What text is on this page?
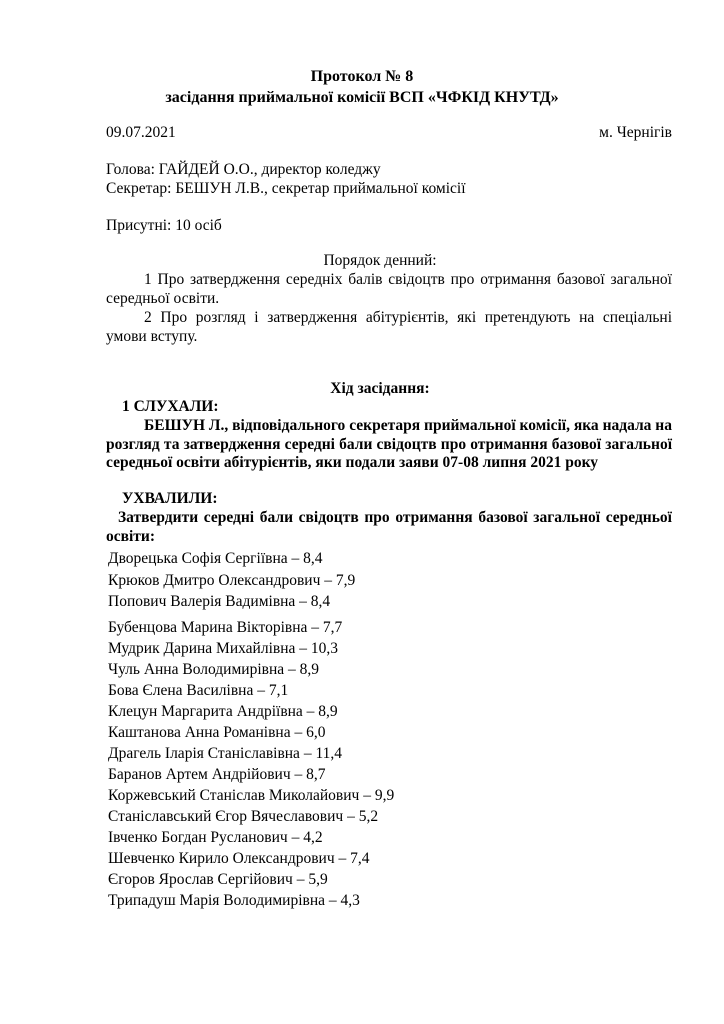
Протокол № 8
засідання приймальної комісії ВСП «ЧФКІД КНУТД»
09.07.2021	м. Чернігів
Голова: ГАЙДЕЙ О.О., директор коледжу
Секретар: БЕШУН Л.В., секретар приймальної комісії
Присутні: 10 осіб
Порядок денний:
1 Про затвердження середніх балів свідоцтв про отримання базової загальної середньої освіти.
2 Про розгляд і затвердження абітурієнтів, які претендують на спеціальні умови вступу.
Хід засідання:
1 СЛУХАЛИ:
БЕШУН Л., відповідального секретаря приймальної комісії, яка надала на розгляд та затвердження середні бали свідоцтв про отримання базової загальної середньої освіти абітурієнтів, яки подали заяви 07-08 липня 2021 року
УХВАЛИЛИ:
Затвердити середні бали свідоцтв про отримання базової загальної середньої освіти:
Дворецька Софія Сергіївна – 8,4
Крюков Дмитро Олександрович – 7,9
Попович Валерія Вадимівна – 8,4
Бубенцова Марина Вікторівна – 7,7
Мудрик Дарина Михайлівна – 10,3
Чуль Анна Володимирівна – 8,9
Бова Єлена Василівна – 7,1
Клецун Маргарита Андріївна – 8,9
Каштанова Анна Романівна – 6,0
Драгель Іларія Станіславівна – 11,4
Баранов Артем Андрійович – 8,7
Коржевський Станіслав Миколайович – 9,9
Станіславський Єгор Вячеславович – 5,2
Івченко Богдан Русланович – 4,2
Шевченко Кирило Олександрович – 7,4
Єгоров Ярослав Сергійович – 5,9
Трипадуш Марія Володимирівна – 4,3
